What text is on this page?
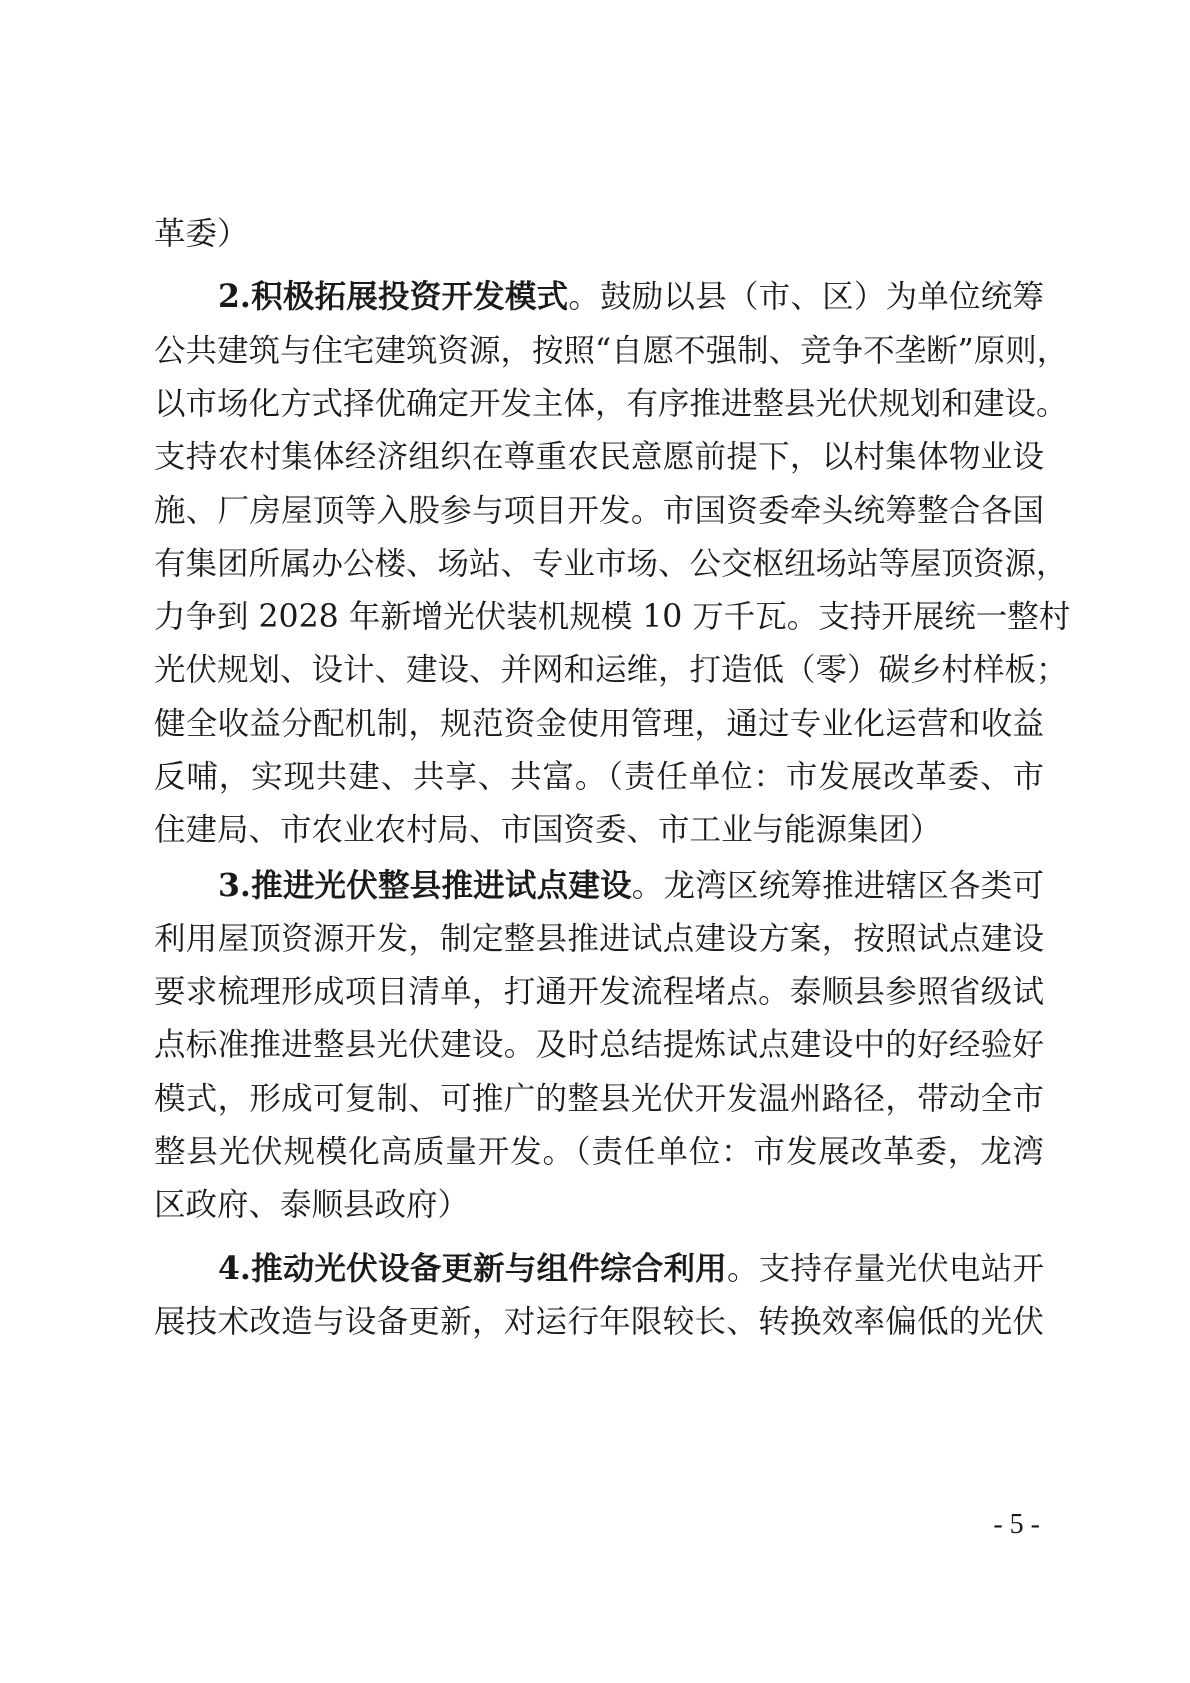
革委）
2.积极拓展投资开发模式。鼓励以县（市、区）为单位统筹
公共建筑与住宅建筑资源，按照“自愿不强制、竞争不垄断”原则，
以市场化方式择优确定开发主体，有序推进整县光伏规划和建设。
支持农村集体经济组织在尊重农民意愿前提下，以村集体物业设
施、厂房屋顶等入股参与项目开发。市国资委牵头统筹整合各国
有集团所属办公楼、场站、专业市场、公交枢纽场站等屋顶资源，
力争到 2028 年新增光伏装机规模 10 万千瓦。支持开展统一整村
光伏规划、设计、建设、并网和运维，打造低（零）碳乡村样板；
健全收益分配机制，规范资金使用管理，通过专业化运营和收益
反哺，实现共建、共享、共富。（责任单位：市发展改革委、市
住建局、市农业农村局、市国资委、市工业与能源集团）
3.推进光伏整县推进试点建设。龙湾区统筹推进辖区各类可
利用屋顶资源开发，制定整县推进试点建设方案，按照试点建设
要求梳理形成项目清单，打通开发流程堵点。泰顺县参照省级试
点标准推进整县光伏建设。及时总结提炼试点建设中的好经验好
模式，形成可复制、可推广的整县光伏开发温州路径，带动全市
整县光伏规模化高质量开发。（责任单位：市发展改革委，龙湾
区政府、泰顺县政府）
4.推动光伏设备更新与组件综合利用。支持存量光伏电站开
展技术改造与设备更新，对运行年限较长、转换效率偏低的光伏
- 5 -
